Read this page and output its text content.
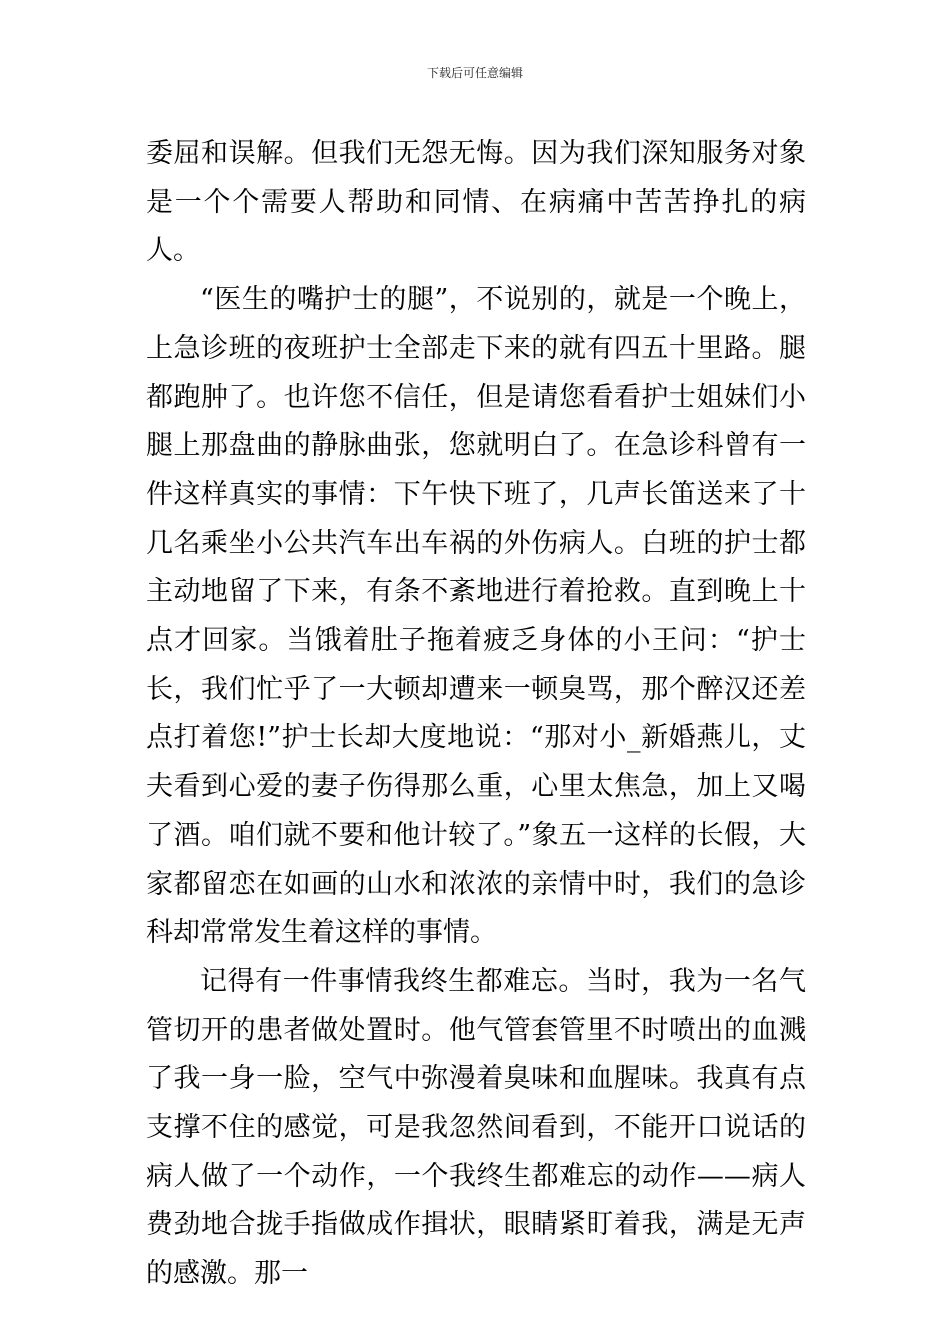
下载后可任意编辑

委屈和误解。但我们无怨无悔。因为我们深知服务对象是一个个需要人帮助和同情、在病痛中苦苦挣扎的病人。

“医生的嘴护士的腿”，不说别的，就是一个晚上，上急诊班的夜班护士全部走下来的就有四五十里路。腿都跑肿了。也许您不信任，但是请您看看护士姐妹们小腿上那盘曲的静脉曲张，您就明白了。在急诊科曾有一件这样真实的事情：下午快下班了，几声长笛送来了十几名乘坐小公共汽车出车祸的外伤病人。白班的护士都主动地留了下来，有条不紊地进行着抢救。直到晚上十点才回家。当饿着肚子拖着疲乏身体的小王问：“护士长，我们忙乎了一大顿却遭来一顿臭骂，那个醉汉还差点打着您!”护士长却大度地说：“那对小_新婚燕儿，丈夫看到心爱的妻子伤得那么重，心里太焦急，加上又喝了酒。咱们就不要和他计较了。”象五一这样的长假，大家都留恋在如画的山水和浓浓的亲情中时，我们的急诊科却常常发生着这样的事情。

记得有一件事情我终生都难忘。当时，我为一名气管切开的患者做处置时。他气管套管里不时喷出的血溅了我一身一脸，空气中弥漫着臭味和血腥味。我真有点支撑不住的感觉，可是我忽然间看到，不能开口说话的病人做了一个动作，一个我终生都难忘的动作——病人费劲地合拢手指做成作揖状，眼睛紧盯着我，满是无声的感激。那一
